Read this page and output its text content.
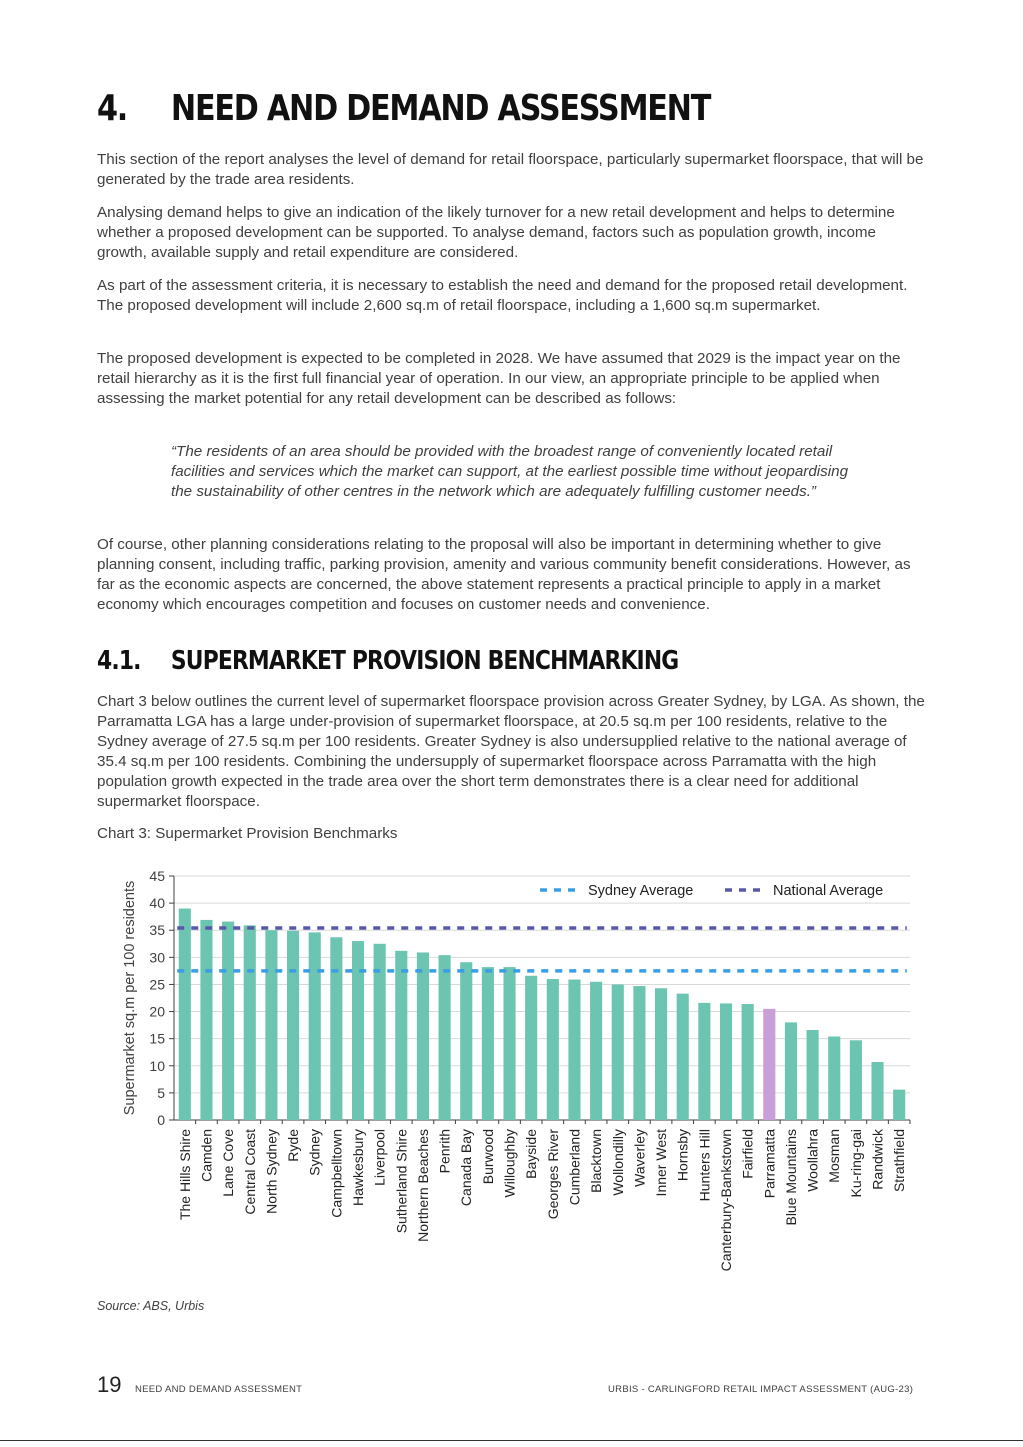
4. NEED AND DEMAND ASSESSMENT

This section of the report analyses the level of demand for retail floorspace, particularly supermarket floorspace, that will be generated by the trade area residents.

Analysing demand helps to give an indication of the likely turnover for a new retail development and helps to determine whether a proposed development can be supported. To analyse demand, factors such as population growth, income growth, available supply and retail expenditure are considered.

As part of the assessment criteria, it is necessary to establish the need and demand for the proposed retail development. The proposed development will include 2,600 sq.m of retail floorspace, including a 1,600 sq.m supermarket.

The proposed development is expected to be completed in 2028. We have assumed that 2029 is the impact year on the retail hierarchy as it is the first full financial year of operation. In our view, an appropriate principle to be applied when assessing the market potential for any retail development can be described as follows:

“The residents of an area should be provided with the broadest range of conveniently located retail facilities and services which the market can support, at the earliest possible time without jeopardising the sustainability of other centres in the network which are adequately fulfilling customer needs.”

Of course, other planning considerations relating to the proposal will also be important in determining whether to give planning consent, including traffic, parking provision, amenity and various community benefit considerations. However, as far as the economic aspects are concerned, the above statement represents a practical principle to apply in a market economy which encourages competition and focuses on customer needs and convenience.

4.1. SUPERMARKET PROVISION BENCHMARKING

Chart 3 below outlines the current level of supermarket floorspace provision across Greater Sydney, by LGA. As shown, the Parramatta LGA has a large under-provision of supermarket floorspace, at 20.5 sq.m per 100 residents, relative to the Sydney average of 27.5 sq.m per 100 residents. Greater Sydney is also undersupplied relative to the national average of 35.4 sq.m per 100 residents. Combining the undersupply of supermarket floorspace across Parramatta with the high population growth expected in the trade area over the short term demonstrates there is a clear need for additional supermarket floorspace.

Chart 3: Supermarket Provision Benchmarks

0
5
10
15
20
25
30
35
40
45
Supermarket sq.m per 100 residents
The Hills Shire Camden Lane Cove Central Coast North Sydney Ryde Sydney Campbelltown Hawkesbury Liverpool Sutherland Shire Northern Beaches Penrith Canada Bay Burwood Willoughby Bayside Georges River Cumberland Blacktown Wollondilly Waverley Inner West Hornsby Hunters Hill Canterbury-Bankstown Fairfield Parramatta Blue Mountains Woollahra Mosman Ku-ring-gai Randwick Strathfield
Sydney Average	National Average

Source: ABS, Urbis

19 NEED AND DEMAND ASSESSMENT	URBIS - CARLINGFORD RETAIL IMPACT ASSESSMENT (AUG-23)
